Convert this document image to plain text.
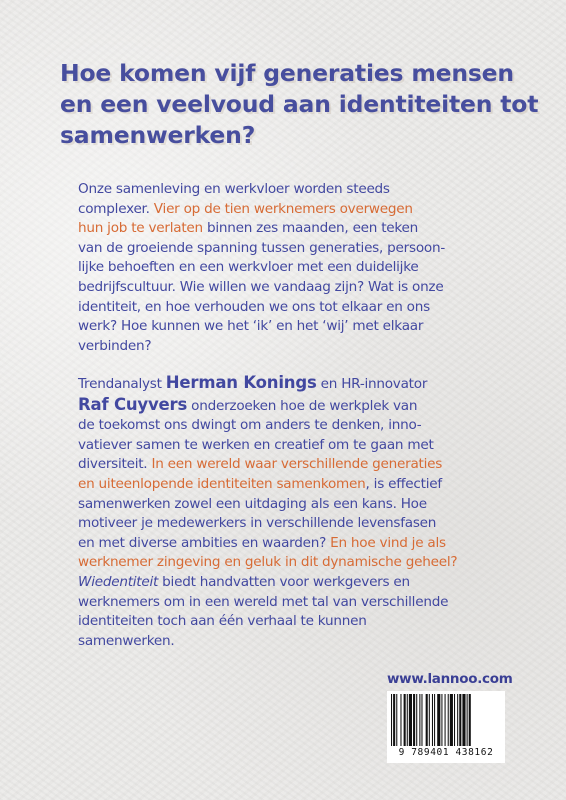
Hoe komen vijf generaties mensen
en een veelvoud aan identiteiten tot
samenwerken?
Onze samenleving en werkvloer worden steeds
complexer. Vier op de tien werknemers overwegen
hun job te verlaten binnen zes maanden, een teken
van de groeiende spanning tussen generaties, persoon-
lijke behoeften en een werkvloer met een duidelijke
bedrijfscultuur. Wie willen we vandaag zijn? Wat is onze
identiteit, en hoe verhouden we ons tot elkaar en ons
werk? Hoe kunnen we het ‘ik’ en het ‘wij’ met elkaar
verbinden?
Trendanalyst Herman Konings en HR-innovator
Raf Cuyvers onderzoeken hoe de werkplek van
de toekomst ons dwingt om anders te denken, inno-
vatiever samen te werken en creatief om te gaan met
diversiteit. In een wereld waar verschillende generaties
en uiteenlopende identiteiten samenkomen, is effectief
samenwerken zowel een uitdaging als een kans. Hoe
motiveer je medewerkers in verschillende levensfasen
en met diverse ambities en waarden? En hoe vind je als
werknemer zingeving en geluk in dit dynamische geheel?
Wiedentiteit biedt handvatten voor werkgevers en
werknemers om in een wereld met tal van verschillende
identiteiten toch aan één verhaal te kunnen
samenwerken.
www.lannoo.com
9 789401 438162
